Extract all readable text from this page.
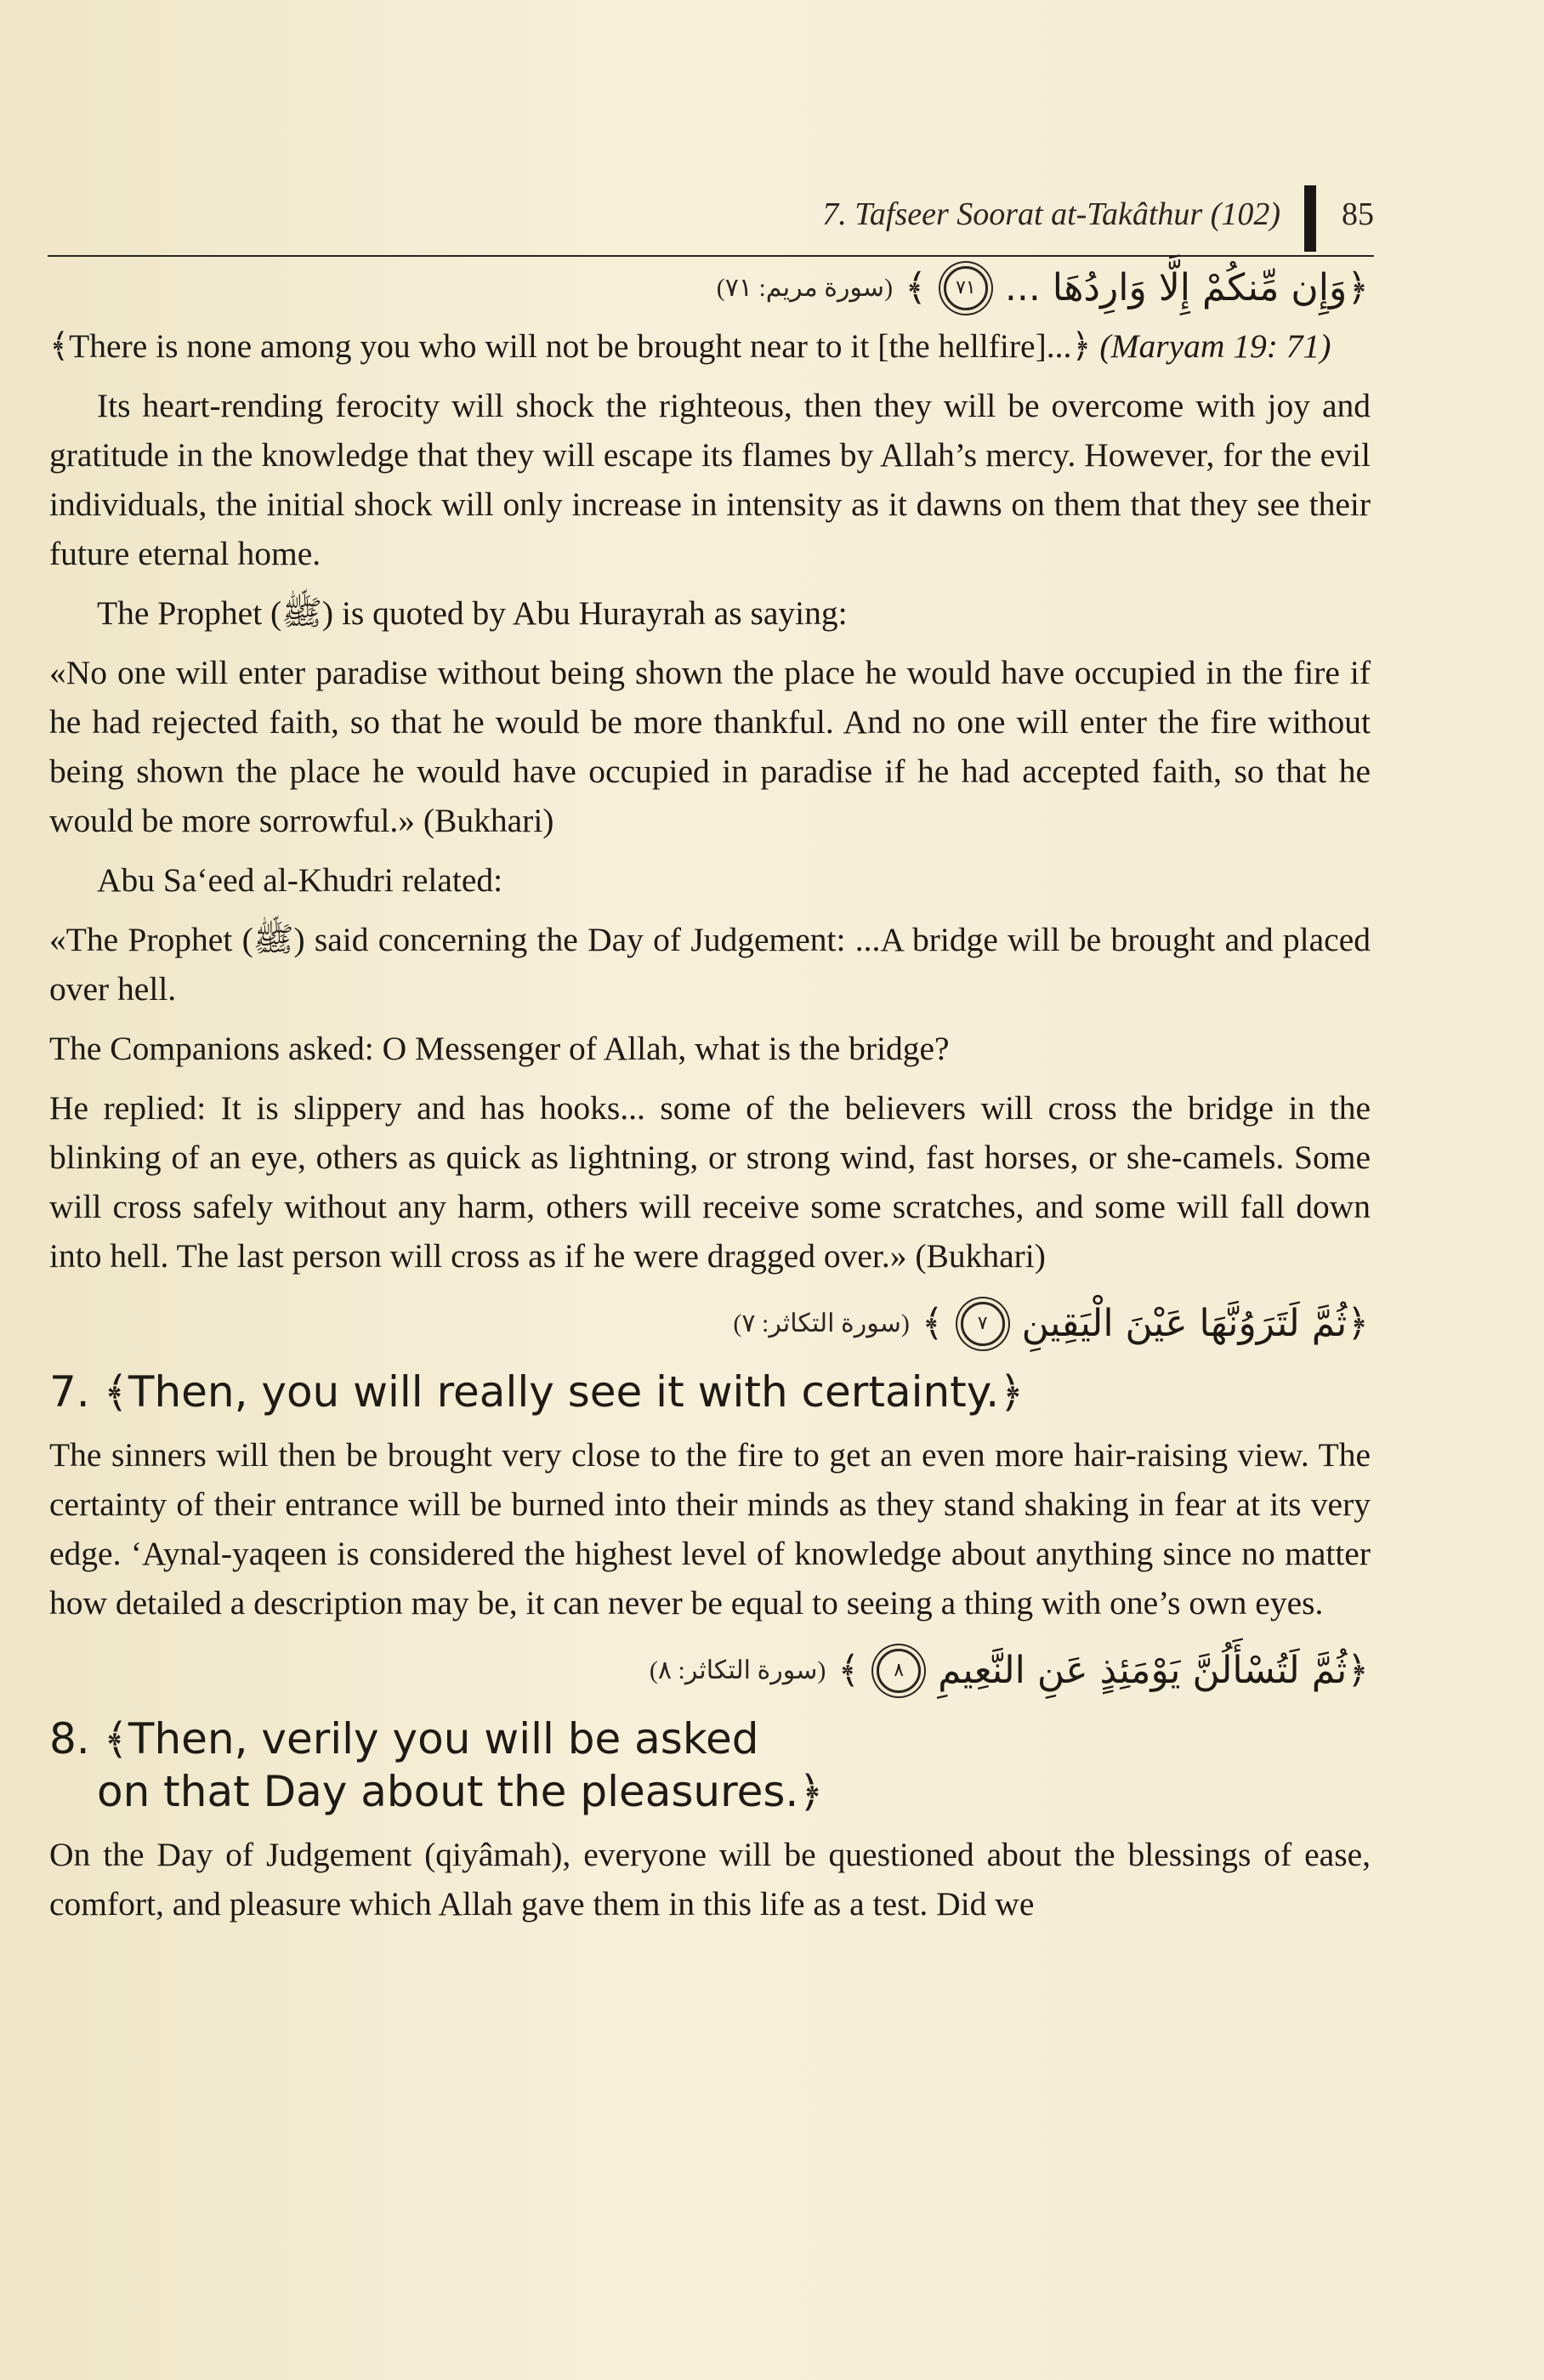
7. Tafseer Soorat at-Takâthur (102) 85
(سورة مريم: ٧١) ﴾	٧١ ﴿وَإِن مِّنكُمْ إِلَّا وَارِدُهَا ...

﴾There is none among you who will not be brought near to it [the hellfire]...﴿ (Maryam 19: 71)

Its heart-rending ferocity will shock the righteous, then they will be overcome with joy and gratitude in the knowledge that they will escape its flames by Allah’s mercy. However, for the evil individuals, the initial shock will only increase in intensity as it dawns on them that they see their future eternal home.

The Prophet (ﷺ) is quoted by Abu Hurayrah as saying:

«No one will enter paradise without being shown the place he would have occupied in the fire if he had rejected faith, so that he would be more thankful. And no one will enter the fire without being shown the place he would have occupied in paradise if he had accepted faith, so that he would be more sorrowful.» (Bukhari)

Abu Sa‘eed al-Khudri related:

«The Prophet (ﷺ) said concerning the Day of Judgement: ...A bridge will be brought and placed over hell.

The Companions asked: O Messenger of Allah, what is the bridge?

He replied: It is slippery and has hooks... some of the believers will cross the bridge in the blinking of an eye, others as quick as lightning, or strong wind, fast horses, or she-camels. Some will cross safely without any harm, others will receive some scratches, and some will fall down into hell. The last person will cross as if he were dragged over.» (Bukhari)

(سورة التكاثر: ٧) ﴾	٧ ﴿ثُمَّ لَتَرَوُنَّهَا عَيْنَ الْيَقِينِ
7. ﴾Then, you will really see it with certainty.﴿

The sinners will then be brought very close to the fire to get an even more hair-raising view. The certainty of their entrance will be burned into their minds as they stand shaking in fear at its very edge. ‘Aynal-yaqeen is considered the highest level of knowledge about anything since no matter how detailed a description may be, it can never be equal to seeing a thing with one’s own eyes.

(سورة التكاثر: ٨) ﴾	٨ ﴿ثُمَّ لَتُسْأَلُنَّ يَوْمَئِذٍ عَنِ النَّعِيمِ
8. ﴾Then, verily you will be asked
on that Day about the pleasures.﴿

On the Day of Judgement (qiyâmah), everyone will be questioned about the blessings of ease, comfort, and pleasure which Allah gave them in this life as a test. Did we
